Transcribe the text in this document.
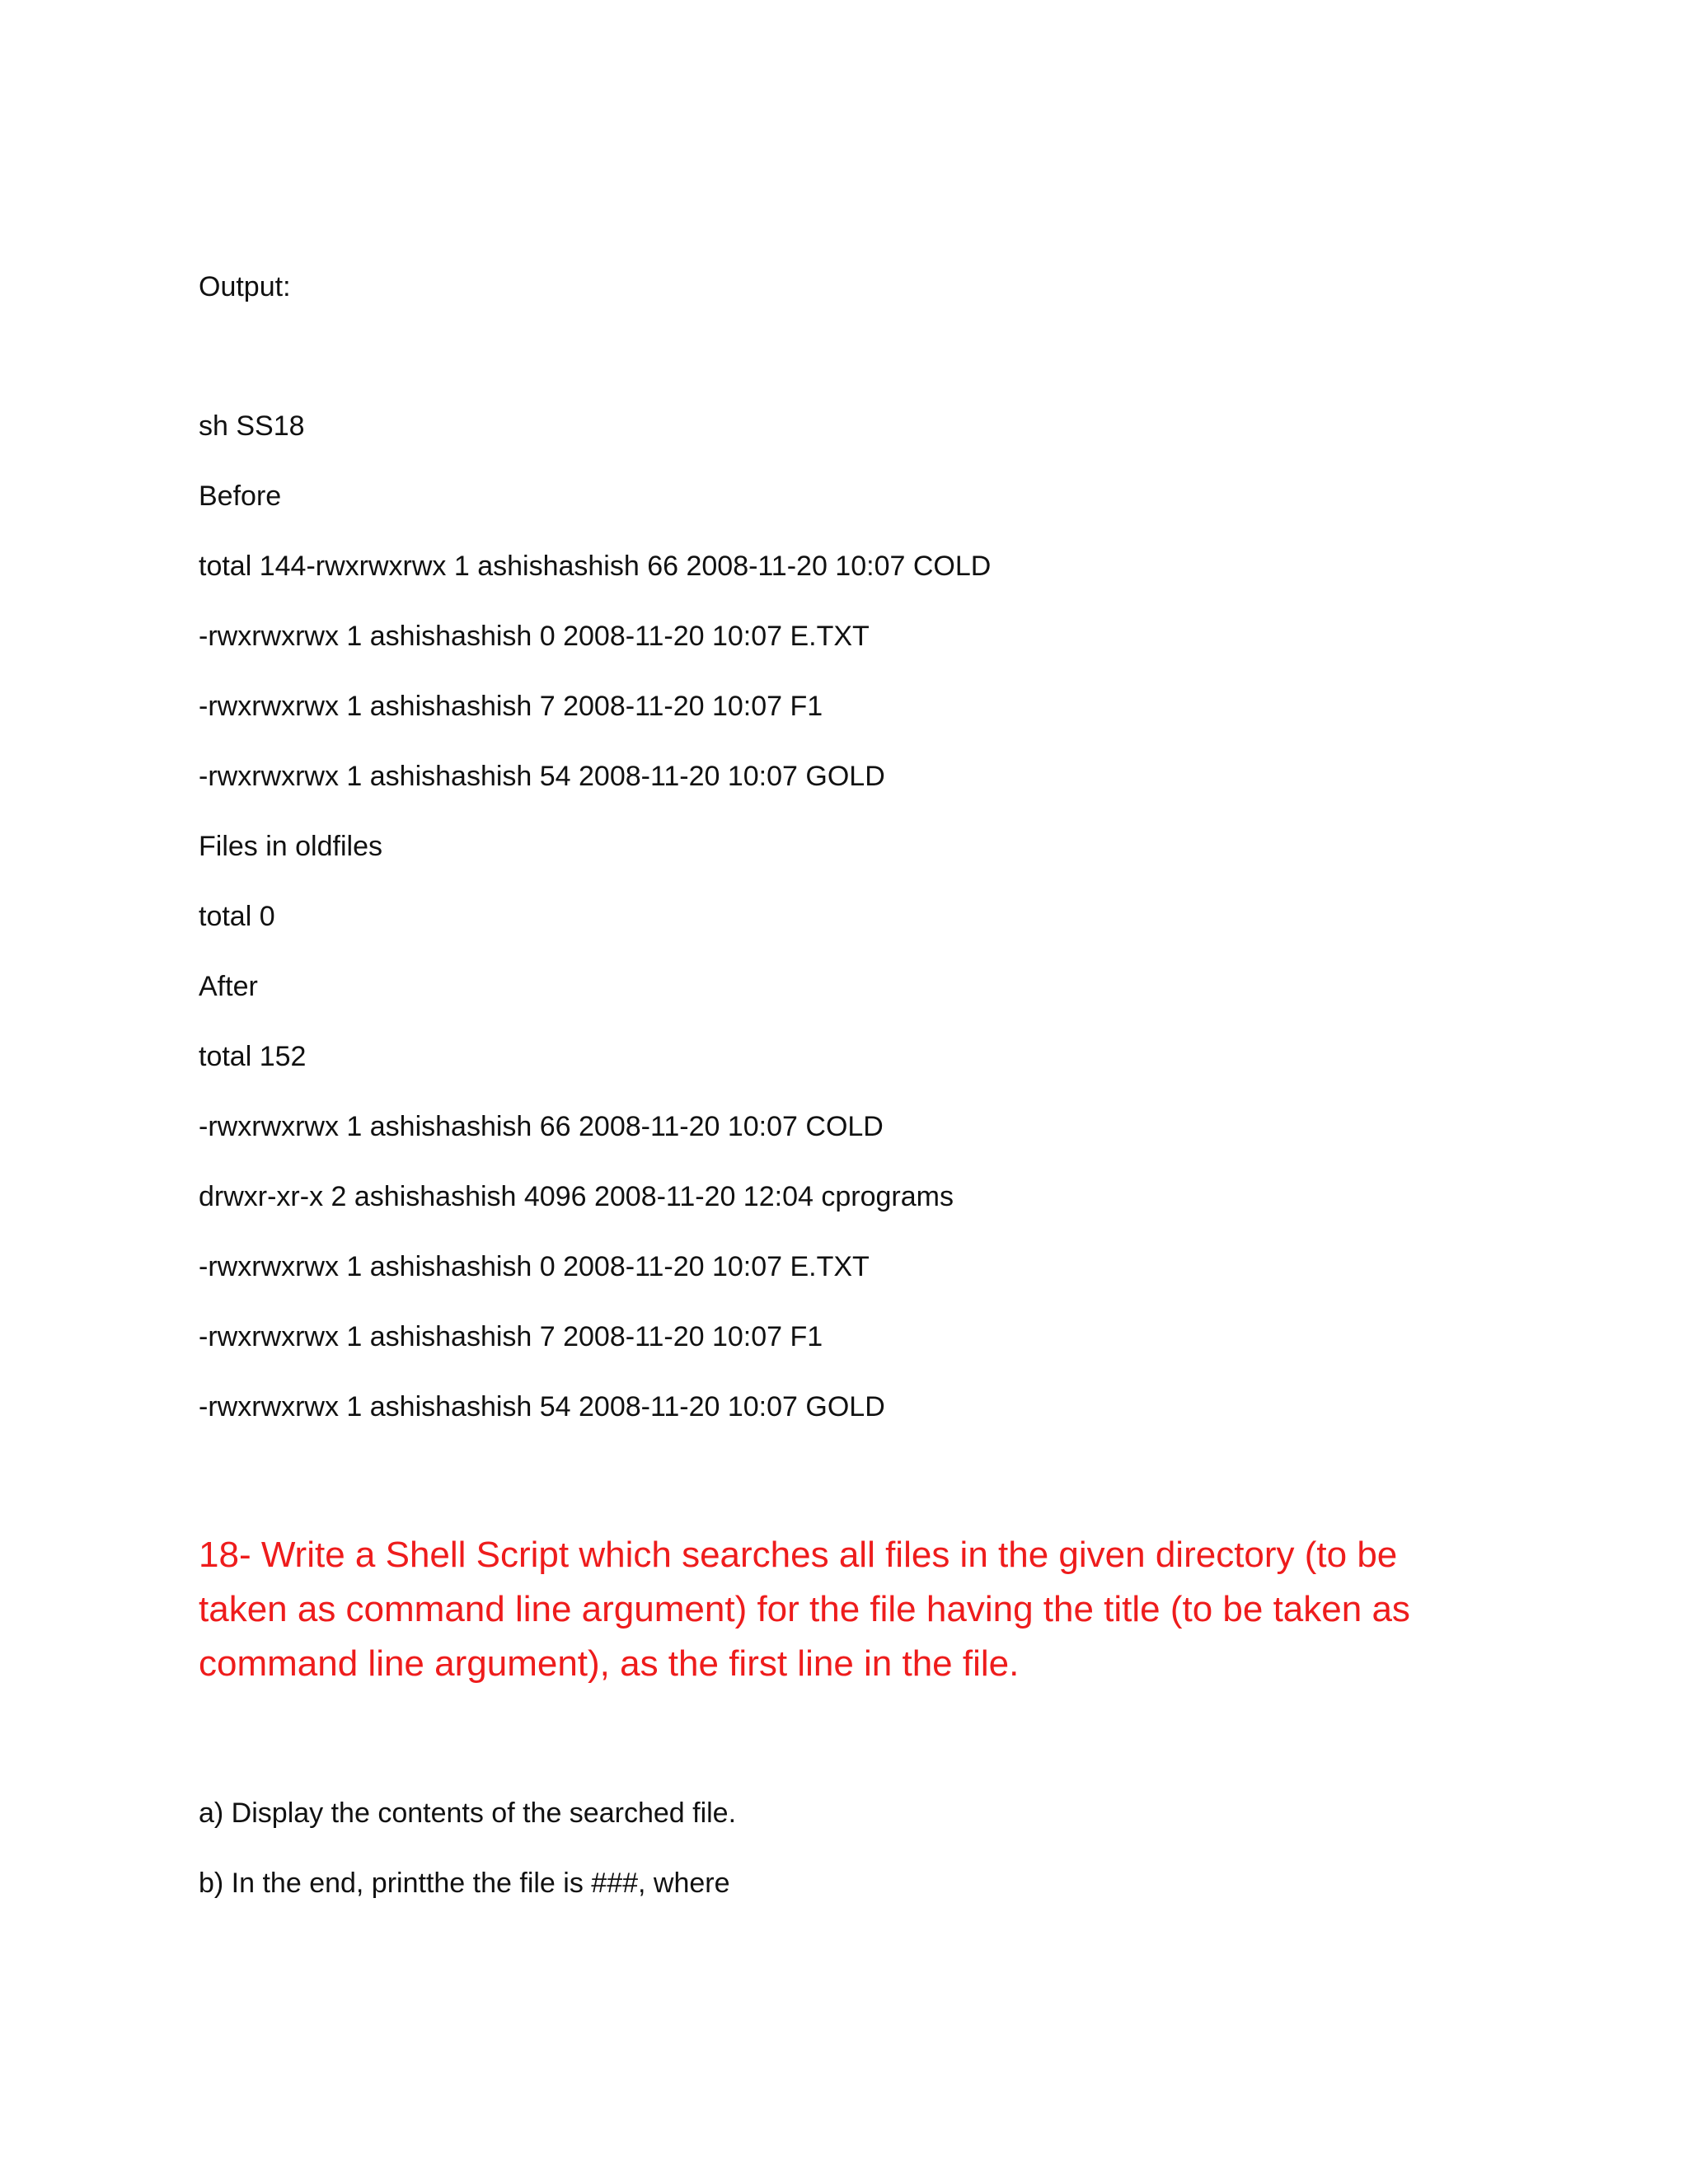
Output:
sh SS18
Before
total 144-rwxrwxrwx 1 ashishashish 66 2008-11-20 10:07 COLD
-rwxrwxrwx 1 ashishashish 0 2008-11-20 10:07 E.TXT
-rwxrwxrwx 1 ashishashish 7 2008-11-20 10:07 F1
-rwxrwxrwx 1 ashishashish 54 2008-11-20 10:07 GOLD
Files in oldfiles
total 0
After
total 152
-rwxrwxrwx 1 ashishashish 66 2008-11-20 10:07 COLD
drwxr-xr-x 2 ashishashish 4096 2008-11-20 12:04 cprograms
-rwxrwxrwx 1 ashishashish 0 2008-11-20 10:07 E.TXT
-rwxrwxrwx 1 ashishashish 7 2008-11-20 10:07 F1
-rwxrwxrwx 1 ashishashish 54 2008-11-20 10:07 GOLD
18- Write a Shell Script which searches all files in the given directory (to be taken as command line argument) for the file having the title (to be taken as command line argument), as the first line in the file.
a) Display the contents of the searched file.
b) In the end, printthe the file is ###, where
